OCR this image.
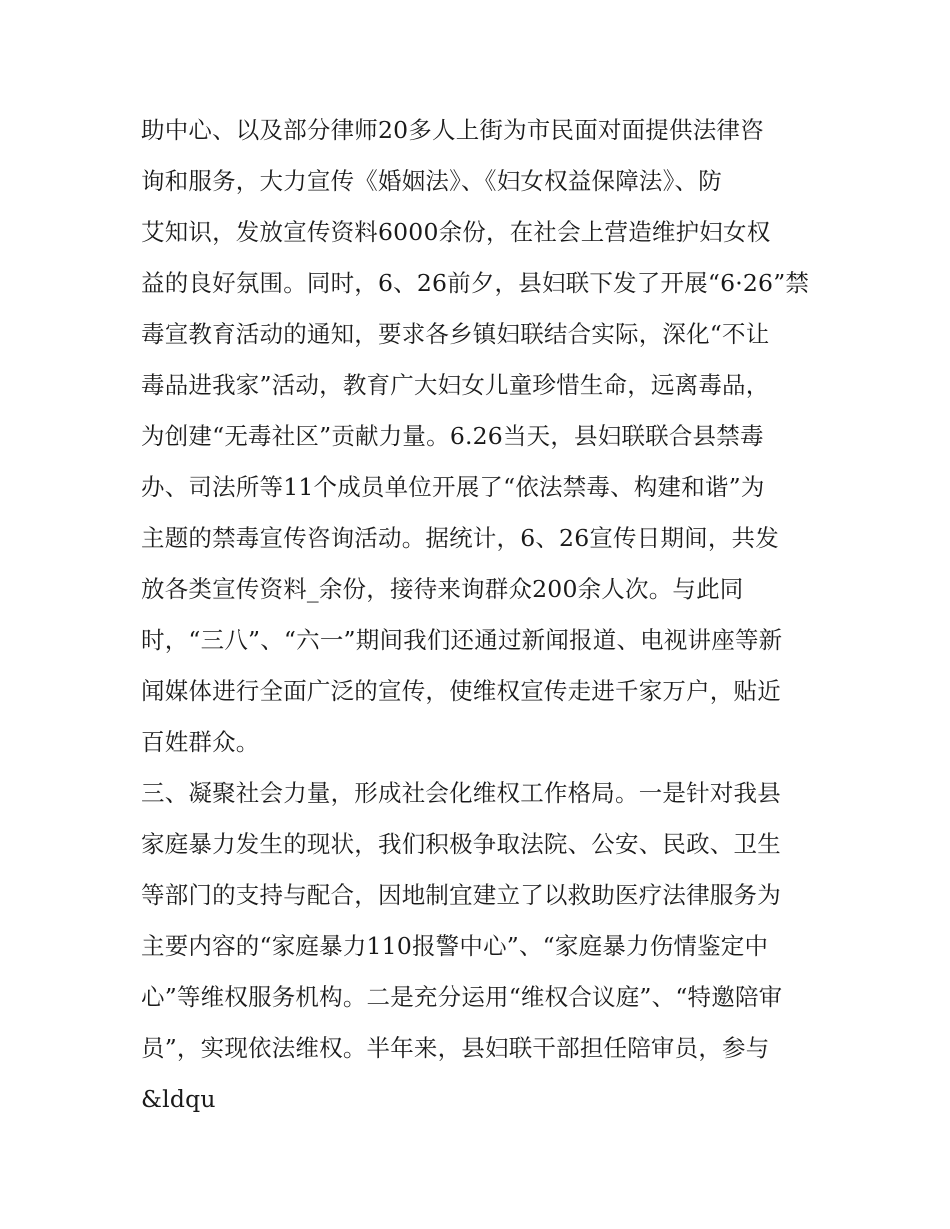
助中心、以及部分律师20多人上街为市民面对面提供法律咨
询和服务，大力宣传《婚姻法》、《妇女权益保障法》、防
艾知识，发放宣传资料6000余份，在社会上营造维护妇女权
益的良好氛围。同时，6、26前夕，县妇联下发了开展“6·26”禁
毒宣教育活动的通知，要求各乡镇妇联结合实际，深化“不让
毒品进我家”活动，教育广大妇女儿童珍惜生命，远离毒品，
为创建“无毒社区”贡献力量。6.26当天，县妇联联合县禁毒
办、司法所等11个成员单位开展了“依法禁毒、构建和谐”为
主题的禁毒宣传咨询活动。据统计，6、26宣传日期间，共发
放各类宣传资料_余份，接待来询群众200余人次。与此同
时，“三八”、“六一”期间我们还通过新闻报道、电视讲座等新
闻媒体进行全面广泛的宣传，使维权宣传走进千家万户，贴近
百姓群众。
三、凝聚社会力量，形成社会化维权工作格局。一是针对我县
家庭暴力发生的现状，我们积极争取法院、公安、民政、卫生
等部门的支持与配合，因地制宜建立了以救助医疗法律服务为
主要内容的“家庭暴力110报警中心”、“家庭暴力伤情鉴定中
心”等维权服务机构。二是充分运用“维权合议庭”、“特邀陪审
员”，实现依法维权。半年来，县妇联干部担任陪审员，参与
&ldqu
